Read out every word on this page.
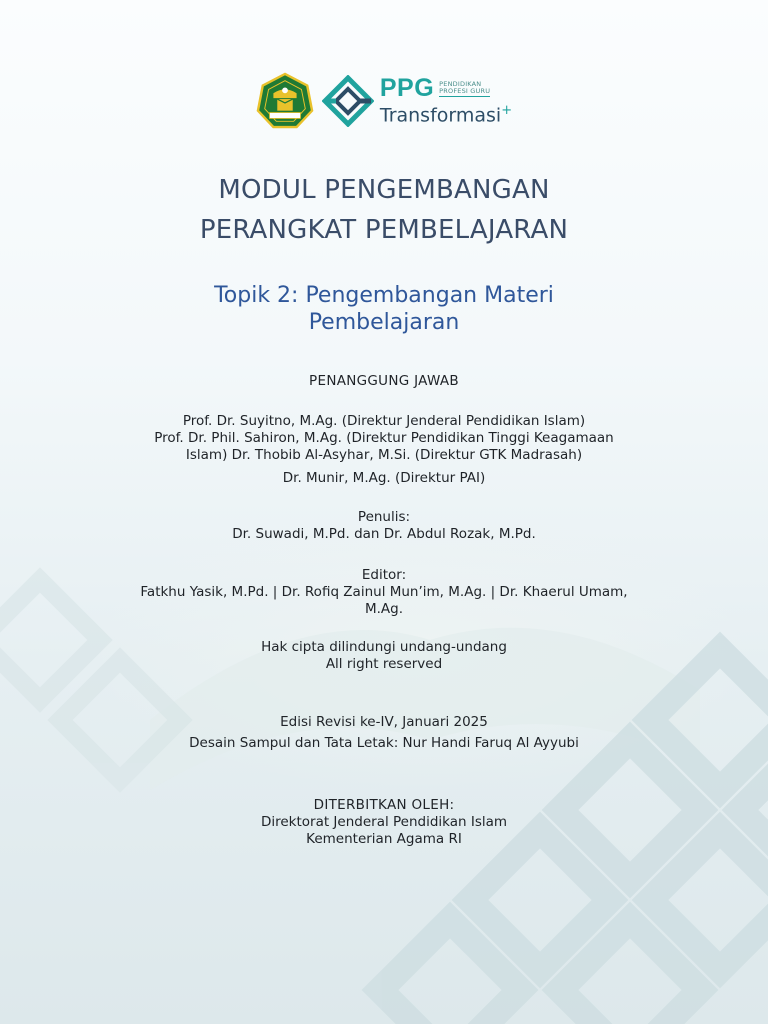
PPG PENDIDIKAN
PROFESI GURU
Transformasi+
MODUL PENGEMBANGAN
PERANGKAT PEMBELAJARAN
Topik 2: Pengembangan Materi
Pembelajaran
PENANGGUNG JAWAB
Prof. Dr. Suyitno, M.Ag. (Direktur Jenderal Pendidikan Islam)
Prof. Dr. Phil. Sahiron, M.Ag. (Direktur Pendidikan Tinggi Keagamaan
Islam) Dr. Thobib Al-Asyhar, M.Si. (Direktur GTK Madrasah)
Dr. Munir, M.Ag. (Direktur PAI)
Penulis:
Dr. Suwadi, M.Pd. dan Dr. Abdul Rozak, M.Pd.
Editor:
Fatkhu Yasik, M.Pd. | Dr. Rofiq Zainul Mun’im, M.Ag. | Dr. Khaerul Umam,
M.Ag.
Hak cipta dilindungi undang-undang
All right reserved
Edisi Revisi ke-IV, Januari 2025
Desain Sampul dan Tata Letak: Nur Handi Faruq Al Ayyubi
DITERBITKAN OLEH:
Direktorat Jenderal Pendidikan Islam
Kementerian Agama RI
